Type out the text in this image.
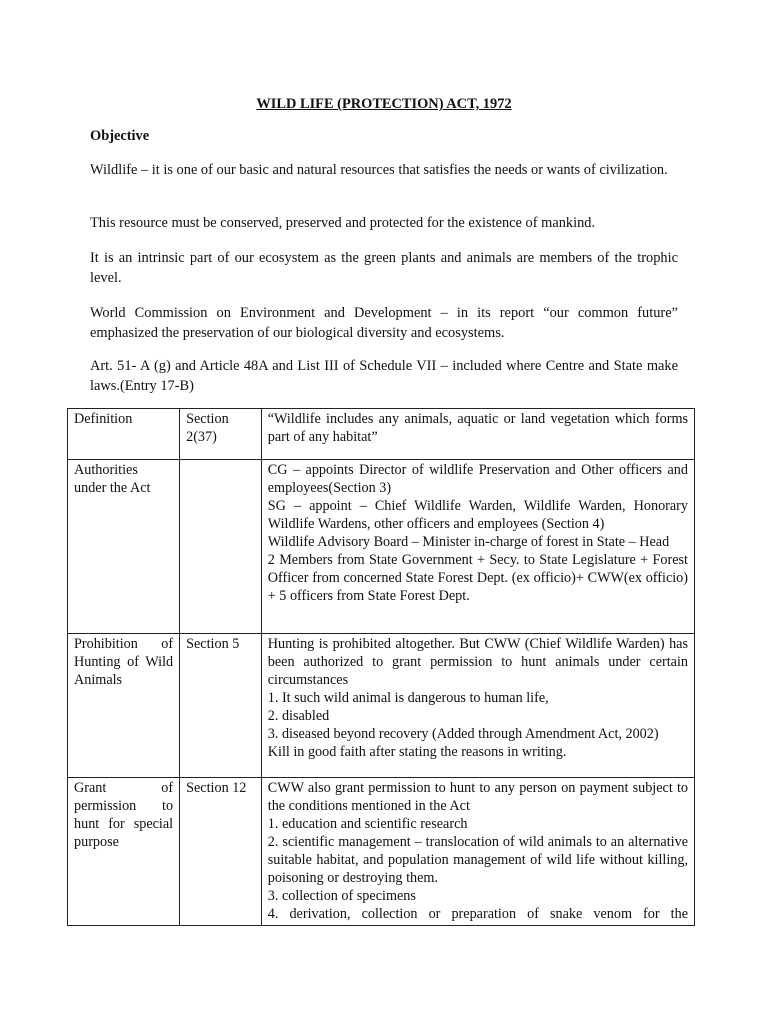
WILD LIFE (PROTECTION) ACT, 1972
Objective
Wildlife – it is one of our basic and natural resources that satisfies the needs or wants of civilization.
This resource must be conserved, preserved and protected for the existence of mankind.
It is an intrinsic part of our ecosystem as the green plants and animals are members of the trophic level.
World Commission on Environment and Development – in its report “our common future” emphasized the preservation of our biological diversity and ecosystems.
Art. 51- A (g) and Article 48A and List III of Schedule VII – included where Centre and State make laws.(Entry 17-B)
Definition	Section 2(37)	“Wildlife includes any animals, aquatic or land vegetation which forms part of any habitat”

Authorities under the Act		CG – appoints Director of wildlife Preservation and Other officers and employees(Section 3)
SG – appoint – Chief Wildlife Warden, Wildlife Warden, Honorary Wildlife Wardens, other officers and employees (Section 4)
Wildlife Advisory Board – Minister in-charge of forest in State – Head
2 Members from State Government + Secy. to State Legislature + Forest Officer from concerned State Forest Dept. (ex officio)+ CWW(ex officio) + 5 officers from State Forest Dept.

Prohibition of Hunting of Wild Animals	Section 5	Hunting is prohibited altogether. But CWW (Chief Wildlife Warden) has been authorized to grant permission to hunt animals under certain circumstances
1. It such wild animal is dangerous to human life,
2. disabled
3. diseased beyond recovery (Added through Amendment Act, 2002)
Kill in good faith after stating the reasons in writing.

Grant of permission to hunt for special purpose	Section 12	CWW also grant permission to hunt to any person on payment subject to the conditions mentioned in the Act
1. education and scientific research
2. scientific management – translocation of wild animals to an alternative suitable habitat, and population management of wild life without killing, poisoning or destroying them.
3. collection of specimens
4. derivation, collection or preparation of snake venom for the
